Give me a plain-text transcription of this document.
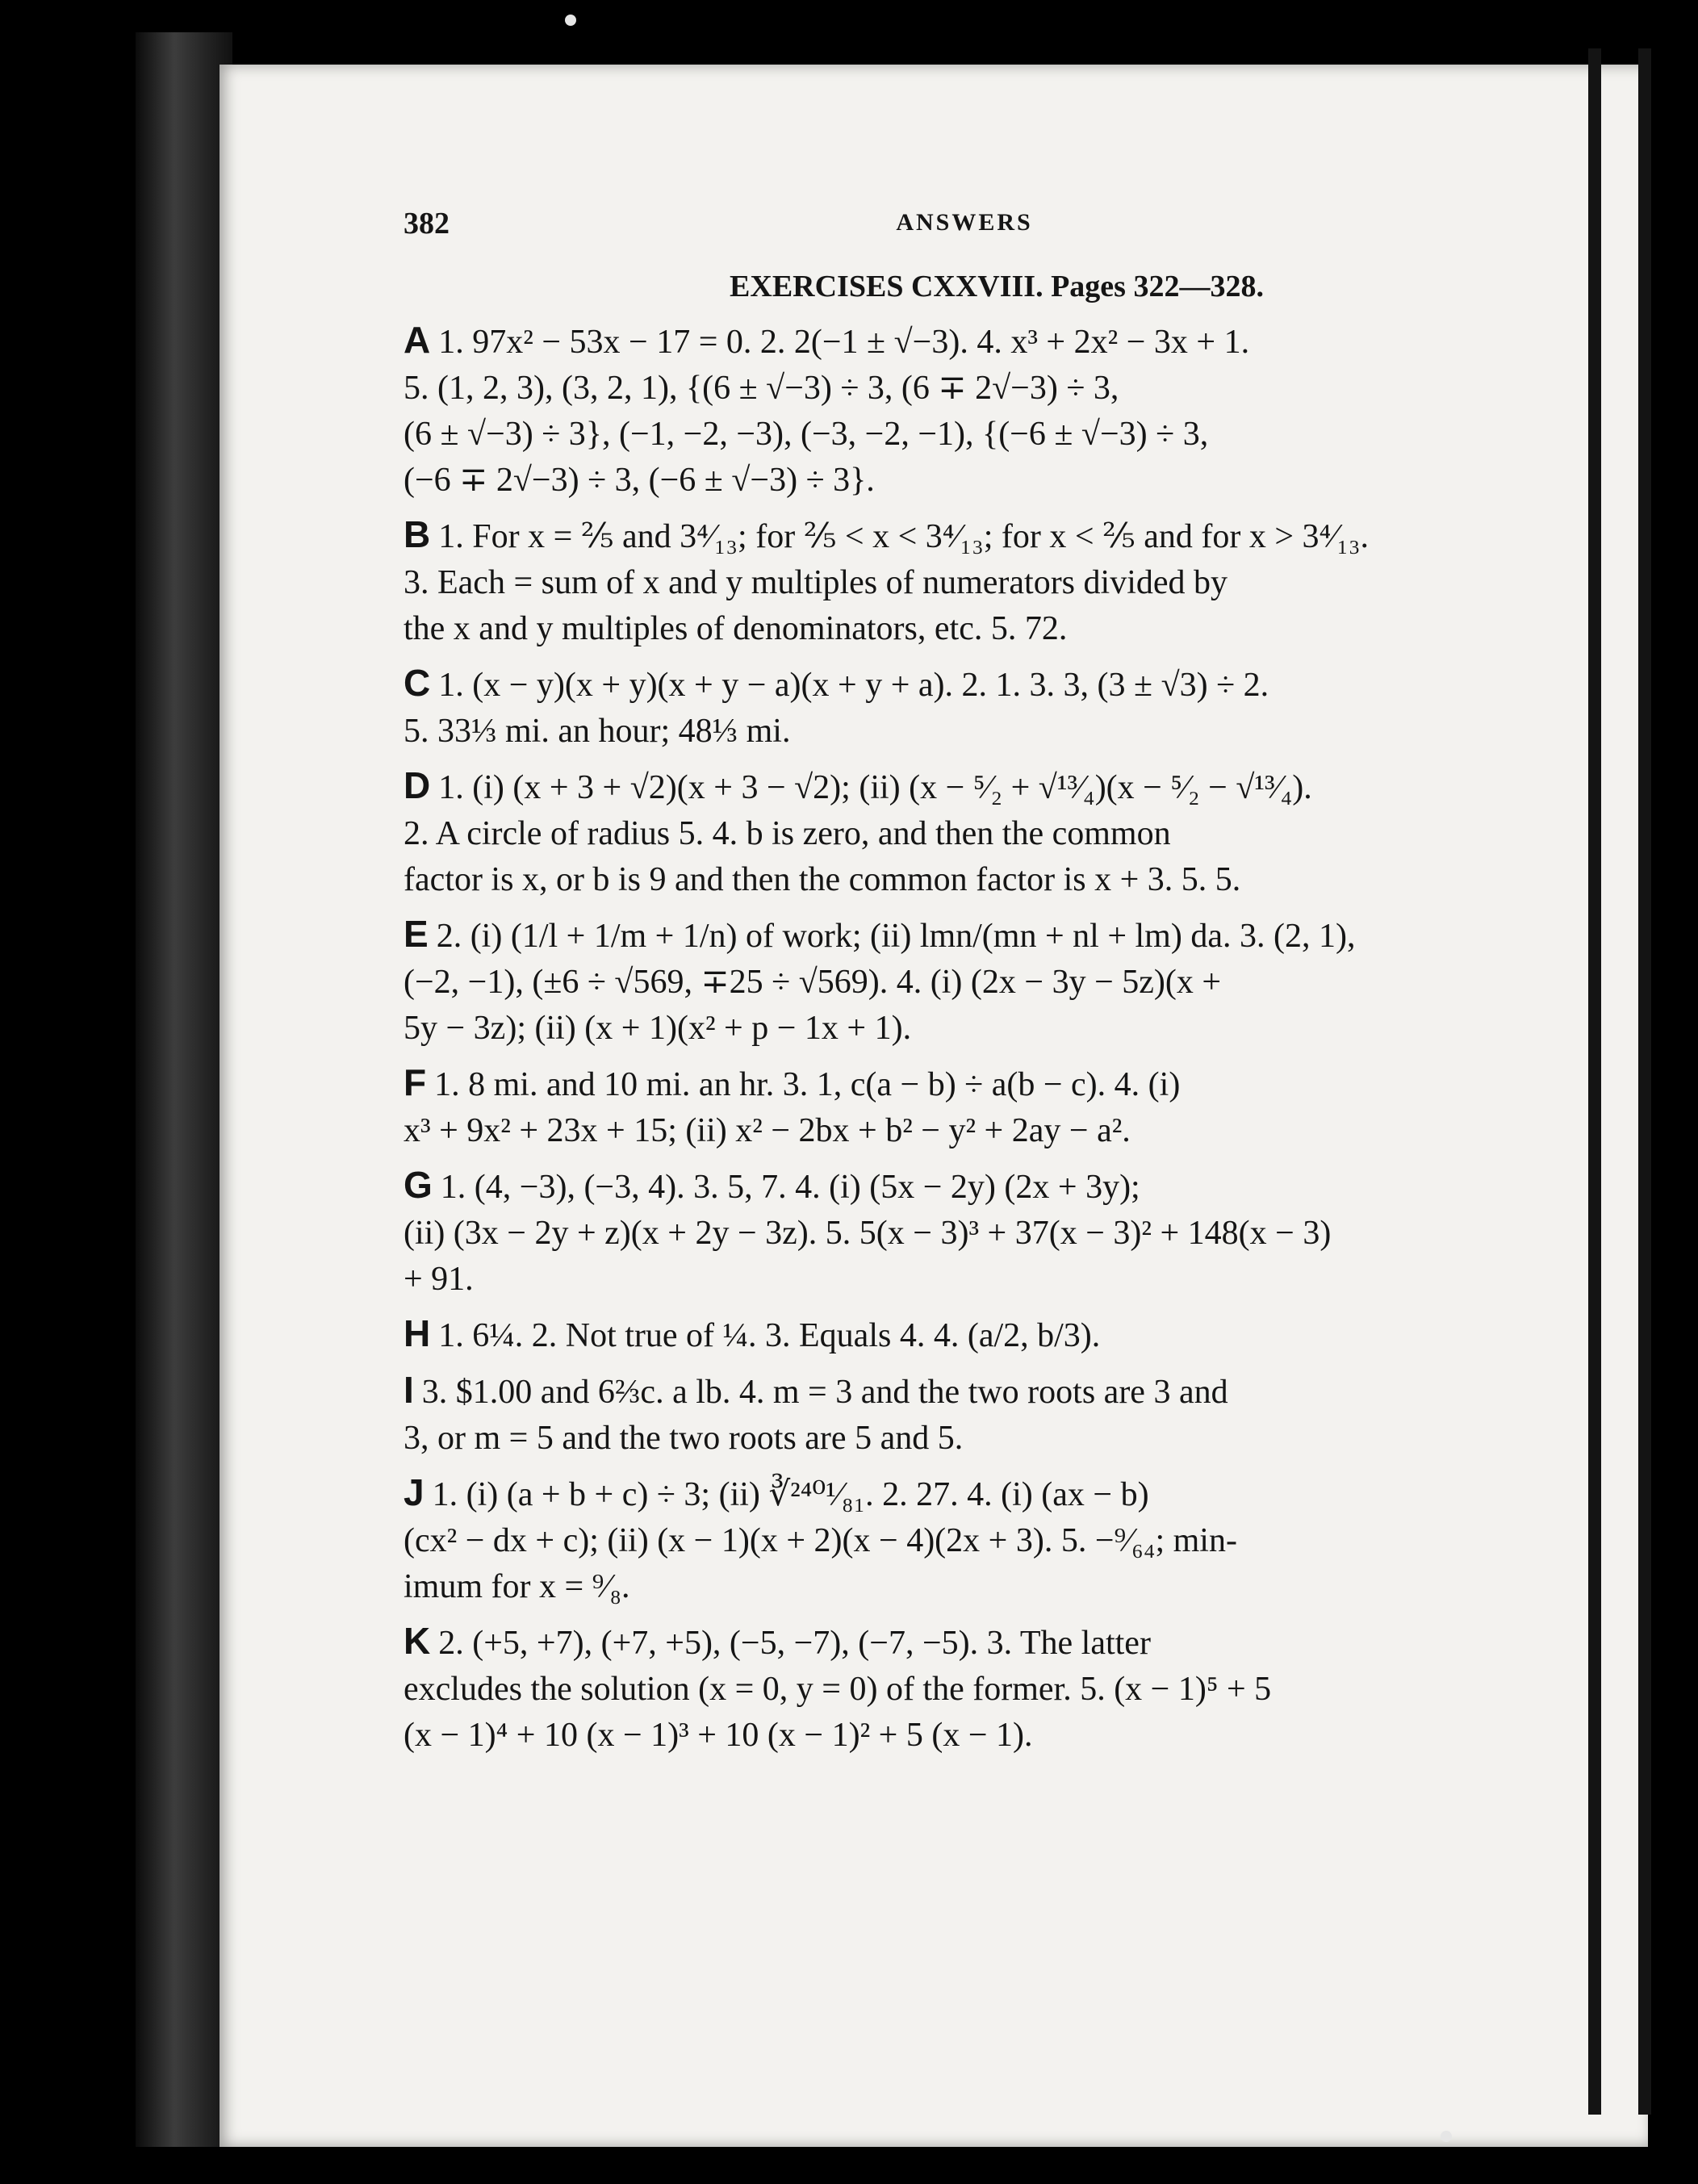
382	ANSWERS
EXERCISES CXXVIII. Pages 322—328.
A 1. 97x² − 53x − 17 = 0. 2. 2(−1 ± √−3). 4. x³ + 2x² − 3x + 1.
5. (1, 2, 3), (3, 2, 1), {(6 ± √−3) ÷ 3, (6 ∓ 2√−3) ÷ 3,
(6 ± √−3) ÷ 3}, (−1, −2, −3), (−3, −2, −1), {(−6 ± √−3) ÷ 3,
(−6 ∓ 2√−3) ÷ 3, (−6 ± √−3) ÷ 3}.
B 1. For x = ⅖ and 3⁴⁄₁₃; for ⅖ < x < 3⁴⁄₁₃; for x < ⅖ and for x > 3⁴⁄₁₃.
3. Each = sum of x and y multiples of numerators divided by
the x and y multiples of denominators, etc. 5. 72.
C 1. (x − y)(x + y)(x + y − a)(x + y + a). 2. 1. 3. 3, (3 ± √3) ÷ 2.
5. 33⅓ mi. an hour; 48⅓ mi.
D 1. (i) (x + 3 + √2)(x + 3 − √2); (ii) (x − ⁵⁄₂ + √¹³⁄₄)(x − ⁵⁄₂ − √¹³⁄₄).
2. A circle of radius 5. 4. b is zero, and then the common
factor is x, or b is 9 and then the common factor is x + 3. 5. 5.
E 2. (i) (1/l + 1/m + 1/n) of work; (ii) lmn/(mn + nl + lm) da. 3. (2, 1),
(−2, −1), (±6 ÷ √569, ∓25 ÷ √569). 4. (i) (2x − 3y − 5z)(x +
5y − 3z); (ii) (x + 1)(x² + p − 1x + 1).
F 1. 8 mi. and 10 mi. an hr. 3. 1, c(a − b) ÷ a(b − c). 4. (i)
x³ + 9x² + 23x + 15; (ii) x² − 2bx + b² − y² + 2ay − a².
G 1. (4, −3), (−3, 4). 3. 5, 7. 4. (i) (5x − 2y) (2x + 3y);
(ii) (3x − 2y + z)(x + 2y − 3z). 5. 5(x − 3)³ + 37(x − 3)² + 148(x − 3)
+ 91.
H 1. 6¼. 2. Not true of ¼. 3. Equals 4. 4. (a/2, b/3).
I 3. $1.00 and 6⅔c. a lb. 4. m = 3 and the two roots are 3 and
3, or m = 5 and the two roots are 5 and 5.
J 1. (i) (a + b + c) ÷ 3; (ii) ∛²⁴⁰¹⁄₈₁. 2. 27. 4. (i) (ax − b)
(cx² − dx + c); (ii) (x − 1)(x + 2)(x − 4)(2x + 3). 5. −⁹⁄₆₄; min-
imum for x = ⁹⁄₈.
K 2. (+5, +7), (+7, +5), (−5, −7), (−7, −5). 3. The latter
excludes the solution (x = 0, y = 0) of the former. 5. (x − 1)⁵ + 5
(x − 1)⁴ + 10 (x − 1)³ + 10 (x − 1)² + 5 (x − 1).
